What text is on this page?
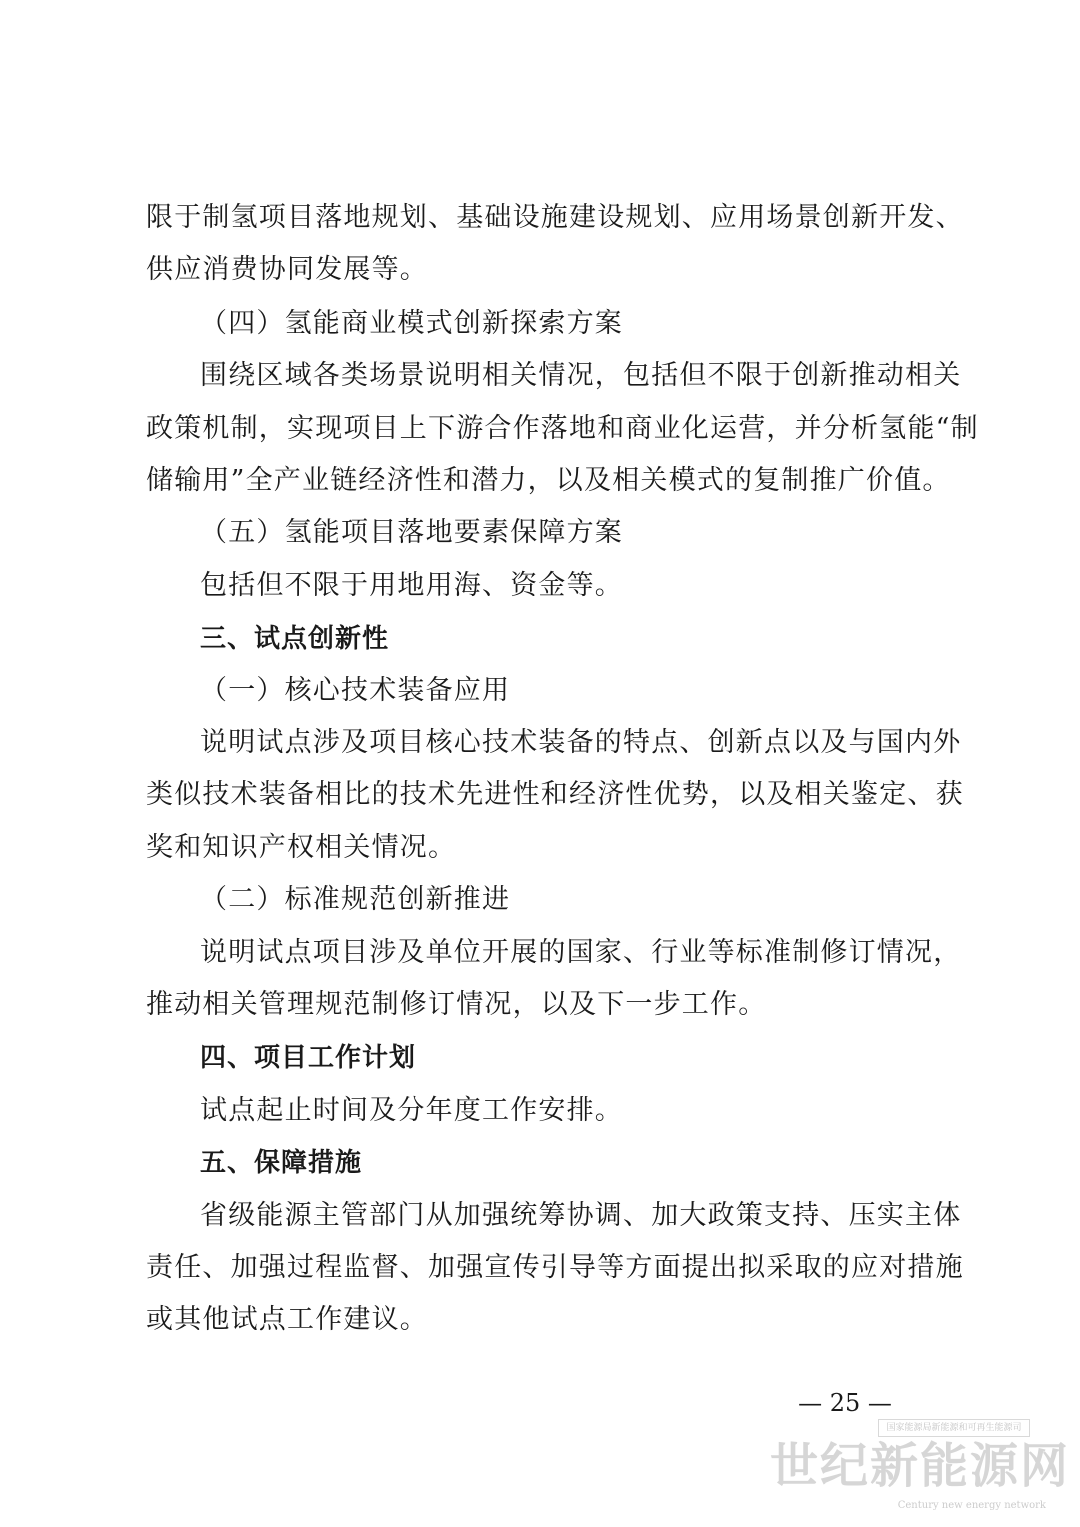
限于制氢项目落地规划、基础设施建设规划、应用场景创新开发、
供应消费协同发展等。
（四）氢能商业模式创新探索方案
围绕区域各类场景说明相关情况，包括但不限于创新推动相关
政策机制，实现项目上下游合作落地和商业化运营，并分析氢能“制
储输用”全产业链经济性和潜力，以及相关模式的复制推广价值。
（五）氢能项目落地要素保障方案
包括但不限于用地用海、资金等。
三、试点创新性
（一）核心技术装备应用
说明试点涉及项目核心技术装备的特点、创新点以及与国内外
类似技术装备相比的技术先进性和经济性优势，以及相关鉴定、获
奖和知识产权相关情况。
（二）标准规范创新推进
说明试点项目涉及单位开展的国家、行业等标准制修订情况，
推动相关管理规范制修订情况，以及下一步工作。
四、项目工作计划
试点起止时间及分年度工作安排。
五、保障措施
省级能源主管部门从加强统筹协调、加大政策支持、压实主体
责任、加强过程监督、加强宣传引导等方面提出拟采取的应对措施
或其他试点工作建议。
— 25 —
国家能源局新能源和可再生能源司
世纪新能源网
Century new energy network
